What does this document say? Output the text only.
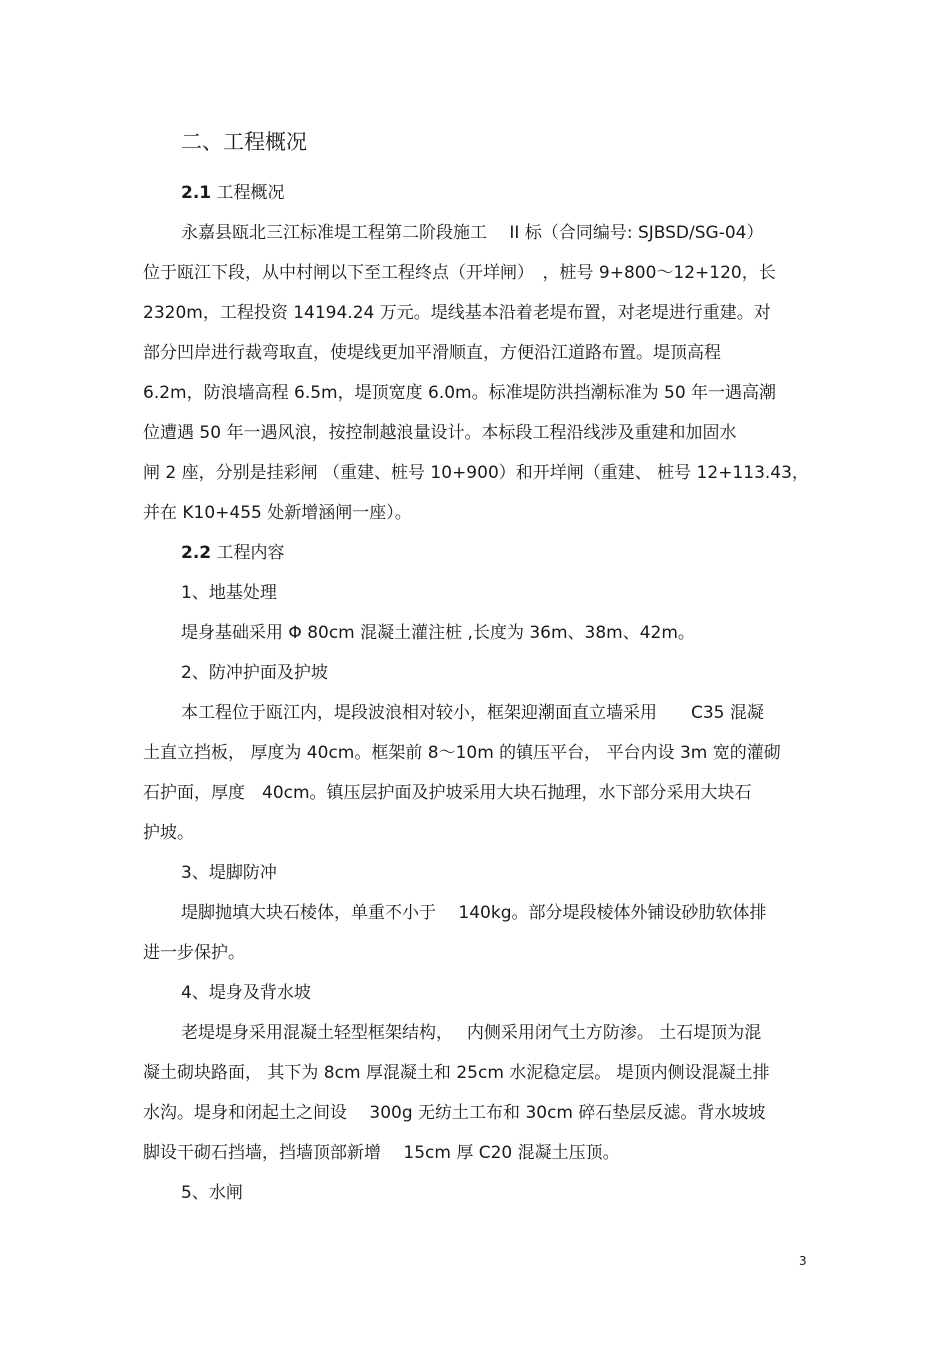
二、工程概况
2.1 工程概况
永嘉县瓯北三江标准堤工程第二阶段施工　 II 标（合同编号: SJBSD/SG-04）
位于瓯江下段，从中村闸以下至工程终点（开垟闸）　，桩号 9+800～12+120，长
2320m，工程投资 14194.24 万元。堤线基本沿着老堤布置，对老堤进行重建。对
部分凹岸进行裁弯取直，使堤线更加平滑顺直，方便沿江道路布置。堤顶高程
6.2m，防浪墙高程 6.5m，堤顶宽度 6.0m。标准堤防洪挡潮标准为 50 年一遇高潮
位遭遇 50 年一遇风浪，按控制越浪量设计。本标段工程沿线涉及重建和加固水
闸 2 座，分别是挂彩闸 （重建、桩号 10+900）和开垟闸（重建、 桩号 12+113.43，
并在 K10+455 处新增涵闸一座）。
2.2 工程内容
1、地基处理
堤身基础采用 Φ 80cm 混凝土灌注桩 ,长度为 36m、38m、42m。
2、防冲护面及护坡
本工程位于瓯江内，堤段波浪相对较小，框架迎潮面直立墙采用　　C35 混凝
土直立挡板， 厚度为 40cm。框架前 8～10m 的镇压平台， 平台内设 3m 宽的灌砌
石护面，厚度　40cm。镇压层护面及护坡采用大块石抛理，水下部分采用大块石
护坡。
3、堤脚防冲
堤脚抛填大块石棱体，单重不小于　 140kg。部分堤段棱体外铺设砂肋软体排
进一步保护。
4、堤身及背水坡
老堤堤身采用混凝土轻型框架结构，　 内侧采用闭气土方防渗。 土石堤顶为混
凝土砌块路面， 其下为 8cm 厚混凝土和 25cm 水泥稳定层。 堤顶内侧设混凝土排
水沟。堤身和闭起土之间设　 300g 无纺土工布和 30cm 碎石垫层反滤。背水坡坡
脚设干砌石挡墙，挡墙顶部新增　 15cm 厚 C20 混凝土压顶。
5、水闸
3
